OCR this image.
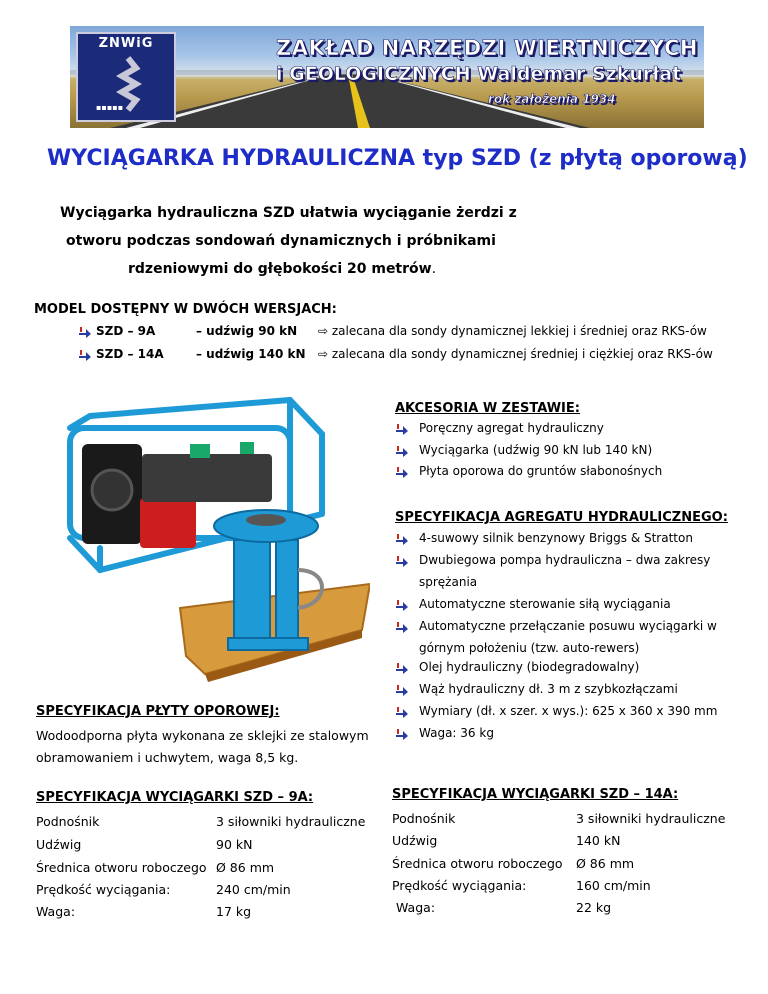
ZNWiG
▪▪▪▪▪
ZAKŁAD NARZĘDZI WIERTNICZYCH
i GEOLOGICZNYCH Waldemar Szkurłat
rok założenia 1934
WYCIĄGARKA HYDRAULICZNA typ SZD (z płytą oporową)
Wyciągarka hydrauliczna SZD ułatwia wyciąganie żerdzi z
otworu podczas sondowań dynamicznych i próbnikami
rdzeniowymi do głębokości 20 metrów.
MODEL DOSTĘPNY W DWÓCH WERSJACH:
SZD – 9A	– udźwig 90 kN ⇨ zalecana dla sondy dynamicznej lekkiej i średniej oraz RKS-ów
SZD – 14A	– udźwig 140 kN ⇨ zalecana dla sondy dynamicznej średniej i ciężkiej oraz RKS-ów
AKCESORIA W ZESTAWIE:
SPECYFIKACJA AGREGATU HYDRAULICZNEGO:
Poręczny agregat hydrauliczny
Wyciągarka (udźwig 90 kN lub 140 kN)
Płyta oporowa do gruntów słabonośnych
4-suwowy silnik benzynowy Briggs & Stratton
Dwubiegowa pompa hydrauliczna – dwa zakresy
sprężania
Automatyczne sterowanie siłą wyciągania
Automatyczne przełączanie posuwu wyciągarki w
górnym położeniu (tzw. auto-rewers)
Olej hydrauliczny (biodegradowalny)
Wąż hydrauliczny dł. 3 m z szybkozłączami
Wymiary (dł. x szer. x wys.): 625 x 360 x 390 mm
Waga: 36 kg
SPECYFIKACJA PŁYTY OPOROWEJ:
Wodoodporna płyta wykonana ze sklejki ze stalowym
obramowaniem i uchwytem, waga 8,5 kg.
SPECYFIKACJA WYCIĄGARKI SZD – 9A:	SPECYFIKACJA WYCIĄGARKI SZD – 14A:
Podnośnik	3 siłowniki hydrauliczne
Udźwig	90 kN
Średnica otworu roboczego Ø 86 mm
Prędkość wyciągania:	240 cm/min
Waga:	17 kg
Podnośnik	3 siłowniki hydrauliczne
Udźwig	140 kN
Średnica otworu roboczego Ø 86 mm
Prędkość wyciągania:	160 cm/min
Waga:	22 kg
